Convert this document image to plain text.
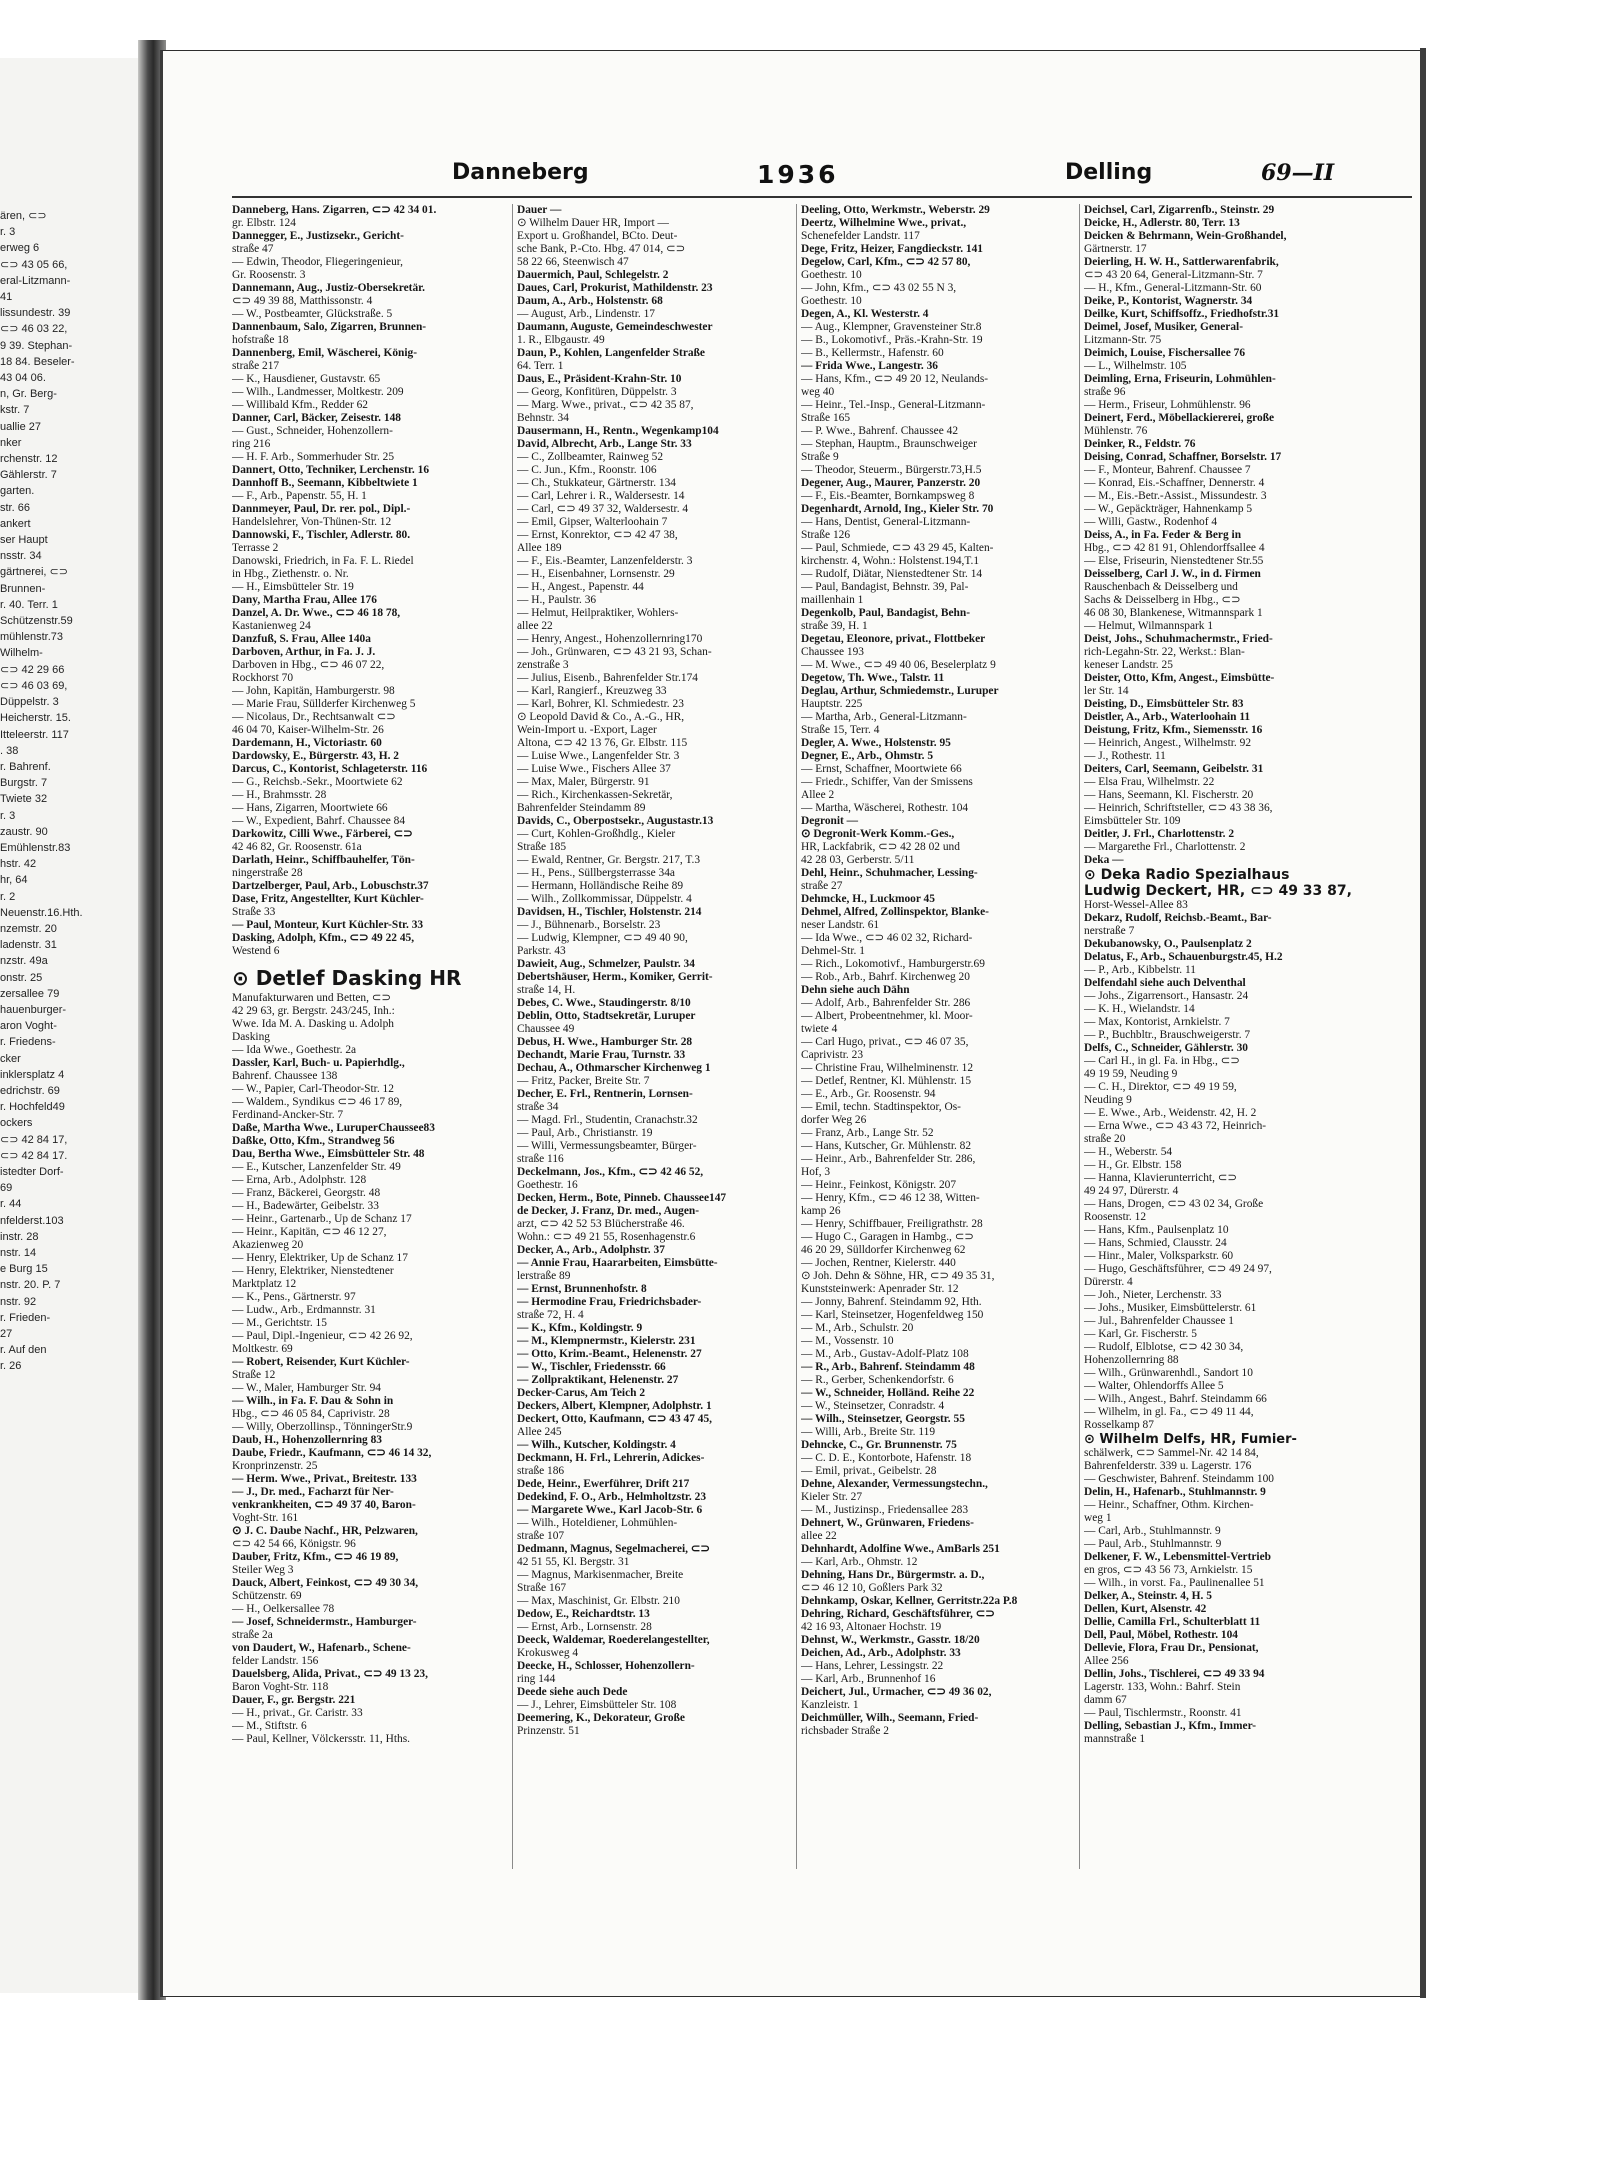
ären, ⊂⊃
r. 3
erweg 6
⊂⊃ 43 05 66,
eral-Litzmann-
41
lissundestr. 39
⊂⊃ 46 03 22,
9 39. Stephan-
18 84. Beseler-
43 04 06.
n, Gr. Berg-
kstr. 7
uallie 27
nker
rchenstr. 12
Gählerstr. 7
garten.
str. 66
ankert
ser Haupt
nsstr. 34
gärtnerei, ⊂⊃
Brunnen-
r. 40. Terr. 1
Schützenstr.59
mühlenstr.73
Wilhelm-
⊂⊃ 42 29 66
⊂⊃ 46 03 69,
Düppelstr. 3
Heicherstr. 15.
Itteleerstr. 117
. 38
r. Bahrenf.
Burgstr. 7
Twiete 32
r. 3
zaustr. 90
Emühlenstr.83
hstr. 42
hr, 64
r. 2
Neuenstr.16.Hth.
nzemstr. 20
ladenstr. 31
nzstr. 49a
onstr. 25
zersallee 79
hauenburger-
aron Voght-
r. Friedens-
cker
inklersplatz 4
edrichstr. 69
r. Hochfeld49
ockers
⊂⊃ 42 84 17,
⊂⊃ 42 84 17.
istedter Dorf-
69
r. 44
nfelderst.103
instr. 28
nstr. 14
e Burg 15
nstr. 20. P. 7
nstr. 92
r. Frieden-
27
r. Auf den
r. 26
Danneberg	1936	Delling	69—II
Danneberg, Hans. Zigarren, ⊂⊃ 42 34 01.
gr. Elbstr. 124
Dannegger, E., Justizsekr., Gericht-
straße 47
— Edwin, Theodor, Fliegeringenieur,
Gr. Roosenstr. 3
Dannemann, Aug., Justiz-Obersekretär.
⊂⊃ 49 39 88, Matthissonstr. 4
— W., Postbeamter, Glückstraße. 5
Dannenbaum, Salo, Zigarren, Brunnen-
hofstraße 18
Dannenberg, Emil, Wäscherei, König-
straße 217
— K., Hausdiener, Gustavstr. 65
— Wilh., Landmesser, Moltkestr. 209
— Willibald Kfm., Redder 62
Danner, Carl, Bäcker, Zeisestr. 148
— Gust., Schneider, Hohenzollern-
ring 216
— H. F. Arb., Sommerhuder Str. 25
Dannert, Otto, Techniker, Lerchenstr. 16
Dannhoff B., Seemann, Kibbeltwiete 1
— F., Arb., Papenstr. 55, H. 1
Dannmeyer, Paul, Dr. rer. pol., Dipl.-
Handelslehrer, Von-Thünen-Str. 12
Dannowski, F., Tischler, Adlerstr. 80.
Terrasse 2
Danowski, Friedrich, in Fa. F. L. Riedel
in Hbg., Ziethenstr. o. Nr.
— H., Eimsbütteler Str. 19
Dany, Martha Frau, Allee 176
Danzel, A. Dr. Wwe., ⊂⊃ 46 18 78,
Kastanienweg 24
Danzfuß, S. Frau, Allee 140a
Darboven, Arthur, in Fa. J. J.
Darboven in Hbg., ⊂⊃ 46 07 22,
Rockhorst 70
— John, Kapitän, Hamburgerstr. 98
— Marie Frau, Süllderfer Kirchenweg 5
— Nicolaus, Dr., Rechtsanwalt ⊂⊃
46 04 70, Kaiser-Wilhelm-Str. 26
Dardemann, H., Victoriastr. 60
Dardowsky, E., Bürgerstr. 43, H. 2
Darcus, C., Kontorist, Schlageterstr. 116
— G., Reichsb.-Sekr., Moortwiete 62
— H., Brahmsstr. 28
— Hans, Zigarren, Moortwiete 66
— W., Expedient, Bahrf. Chaussee 84
Darkowitz, Cilli Wwe., Färberei, ⊂⊃
42 46 82, Gr. Roosenstr. 61a
Darlath, Heinr., Schiffbauhelfer, Tön-
ningerstraße 28
Dartzelberger, Paul, Arb., Lobuschstr.37
Dase, Fritz, Angestellter, Kurt Küchler-
Straße 33
— Paul, Monteur, Kurt Küchler-Str. 33
Dasking, Adolph, Kfm., ⊂⊃ 49 22 45,
Westend 6
⊙ Detlef Dasking HR
Manufakturwaren und Betten, ⊂⊃
42 29 63, gr. Bergstr. 243/245, Inh.:
Wwe. Ida M. A. Dasking u. Adolph
Dasking
— Ida Wwe., Goethestr. 2a
Dassler, Karl, Buch- u. Papierhdlg.,
Bahrenf. Chaussee 138
— W., Papier, Carl-Theodor-Str. 12
— Waldem., Syndikus ⊂⊃ 46 17 89,
Ferdinand-Ancker-Str. 7
Daße, Martha Wwe., LuruperChaussee83
Daßke, Otto, Kfm., Strandweg 56
Dau, Bertha Wwe., Eimsbütteler Str. 48
— E., Kutscher, Lanzenfelder Str. 49
— Erna, Arb., Adolphstr. 128
— Franz, Bäckerei, Georgstr. 48
— H., Badewärter, Geibelstr. 33
— Heinr., Gartenarb., Up de Schanz 17
— Heinr., Kapitän, ⊂⊃ 46 12 27,
Akazienweg 20
— Henry, Elektriker, Up de Schanz 17
— Henry, Elektriker, Nienstedtener
Marktplatz 12
— K., Pens., Gärtnerstr. 97
— Ludw., Arb., Erdmannstr. 31
— M., Gerichtstr. 15
— Paul, Dipl.-Ingenieur, ⊂⊃ 42 26 92,
Moltkestr. 69
— Robert, Reisender, Kurt Küchler-
Straße 12
— W., Maler, Hamburger Str. 94
— Wilh., in Fa. F. Dau & Sohn in
Hbg., ⊂⊃ 46 05 84, Caprivistr. 28
— Willy, Oberzollinsp., TönningerStr.9
Daub, H., Hohenzollernring 83
Daube, Friedr., Kaufmann, ⊂⊃ 46 14 32,
Kronprinzenstr. 25
— Herm. Wwe., Privat., Breitestr. 133
— J., Dr. med., Facharzt für Ner-
venkrankheiten, ⊂⊃ 49 37 40, Baron-
Voght-Str. 161
⊙ J. C. Daube Nachf., HR, Pelzwaren,
⊂⊃ 42 54 66, Königstr. 96
Dauber, Fritz, Kfm., ⊂⊃ 46 19 89,
Steiler Weg 3
Dauck, Albert, Feinkost, ⊂⊃ 49 30 34,
Schützenstr. 69
— H., Oelkersallee 78
— Josef, Schneidermstr., Hamburger-
straße 2a
von Daudert, W., Hafenarb., Schene-
felder Landstr. 156
Dauelsberg, Alida, Privat., ⊂⊃ 49 13 23,
Baron Voght-Str. 118
Dauer, F., gr. Bergstr. 221
— H., privat., Gr. Caristr. 33
— M., Stiftstr. 6
— Paul, Kellner, Völckersstr. 11, Hths.
Dauer —
⊙ Wilhelm Dauer HR, Import —
Export u. Großhandel, BCto. Deut-
sche Bank, P.-Cto. Hbg. 47 014, ⊂⊃
58 22 66, Steenwisch 47
Dauermich, Paul, Schlegelstr. 2
Daues, Carl, Prokurist, Mathildenstr. 23
Daum, A., Arb., Holstenstr. 68
— August, Arb., Lindenstr. 17
Daumann, Auguste, Gemeindeschwester
1. R., Elbgaustr. 49
Daun, P., Kohlen, Langenfelder Straße
64. Terr. 1
Daus, E., Präsident-Krahn-Str. 10
— Georg, Konfitüren, Düppelstr. 3
— Marg. Wwe., privat., ⊂⊃ 42 35 87,
Behnstr. 34
Dausermann, H., Rentn., Wegenkamp104
David, Albrecht, Arb., Lange Str. 33
— C., Zollbeamter, Rainweg 52
— C. Jun., Kfm., Roonstr. 106
— Ch., Stukkateur, Gärtnerstr. 134
— Carl, Lehrer i. R., Waldersestr. 14
— Carl, ⊂⊃ 49 37 32, Waldersestr. 4
— Emil, Gipser, Walterloohain 7
— Ernst, Konrektor, ⊂⊃ 42 47 38,
Allee 189
— F., Eis.-Beamter, Lanzenfelderstr. 3
— H., Eisenbahner, Lornsenstr. 29
— H., Angest., Papenstr. 44
— H., Paulstr. 36
— Helmut, Heilpraktiker, Wohlers-
allee 22
— Henry, Angest., Hohenzollernring170
— Joh., Grünwaren, ⊂⊃ 43 21 93, Schan-
zenstraße 3
— Julius, Eisenb., Bahrenfelder Str.174
— Karl, Rangierf., Kreuzweg 33
— Karl, Bohrer, Kl. Schmiedestr. 23
⊙ Leopold David & Co., A.-G., HR,
Wein-Import u. -Export, Lager
Altona, ⊂⊃ 42 13 76, Gr. Elbstr. 115
— Luise Wwe., Langenfelder Str. 3
— Luise Wwe., Fischers Allee 37
— Max, Maler, Bürgerstr. 91
— Rich., Kirchenkassen-Sekretär,
Bahrenfelder Steindamm 89
Davids, C., Oberpostsekr., Augustastr.13
— Curt, Kohlen-Großhdlg., Kieler
Straße 185
— Ewald, Rentner, Gr. Bergstr. 217, T.3
— H., Pens., Süllbergsterrasse 34a
— Hermann, Holländische Reihe 89
— Wilh., Zollkommissar, Düppelstr. 4
Davidsen, H., Tischler, Holstenstr. 214
— J., Bühnenarb., Borselstr. 23
— Ludwig, Klempner, ⊂⊃ 49 40 90,
Parkstr. 43
Dawieit, Aug., Schmelzer, Paulstr. 34
Debertshäuser, Herm., Komiker, Gerrit-
straße 14, H.
Debes, C. Wwe., Staudingerstr. 8/10
Deblin, Otto, Stadtsekretär, Luruper
Chaussee 49
Debus, H. Wwe., Hamburger Str. 28
Dechandt, Marie Frau, Turnstr. 33
Dechau, A., Othmarscher Kirchenweg 1
— Fritz, Packer, Breite Str. 7
Decher, E. Frl., Rentnerin, Lornsen-
straße 34
— Magd. Frl., Studentin, Cranachstr.32
— Paul, Arb., Christianstr. 19
— Willi, Vermessungsbeamter, Bürger-
straße 116
Deckelmann, Jos., Kfm., ⊂⊃ 42 46 52,
Goethestr. 16
Decken, Herm., Bote, Pinneb. Chaussee147
de Decker, J. Franz, Dr. med., Augen-
arzt, ⊂⊃ 42 52 53 Blücherstraße 46.
Wohn.: ⊂⊃ 49 21 55, Rosenhagenstr.6
Decker, A., Arb., Adolphstr. 37
— Annie Frau, Haararbeiten, Eimsbütte-
lerstraße 89
— Ernst, Brunnenhofstr. 8
— Hermodine Frau, Friedrichsbader-
straße 72, H. 4
— K., Kfm., Koldingstr. 9
— M., Klempnermstr., Kielerstr. 231
— Otto, Krim.-Beamt., Helenenstr. 27
— W., Tischler, Friedensstr. 66
— Zollpraktikant, Helenenstr. 27
Decker-Carus, Am Teich 2
Deckers, Albert, Klempner, Adolphstr. 1
Deckert, Otto, Kaufmann, ⊂⊃ 43 47 45,
Allee 245
— Wilh., Kutscher, Koldingstr. 4
Deckmann, H. Frl., Lehrerin, Adickes-
straße 186
Dede, Heinr., Ewerführer, Drift 217
Dedekind, F. O., Arb., Helmholtzstr. 23
— Margarete Wwe., Karl Jacob-Str. 6
— Wilh., Hoteldiener, Lohmühlen-
straße 107
Dedmann, Magnus, Segelmacherei, ⊂⊃
42 51 55, Kl. Bergstr. 31
— Magnus, Markisenmacher, Breite
Straße 167
— Max, Maschinist, Gr. Elbstr. 210
Dedow, E., Reichardtstr. 13
— Ernst, Arb., Lornsenstr. 28
Deeck, Waldemar, Roederelangestellter,
Krokusweg 4
Deecke, H., Schlosser, Hohenzollern-
ring 144
Deede siehe auch Dede
— J., Lehrer, Eimsbütteler Str. 108
Deemering, K., Dekorateur, Große
Prinzenstr. 51
Deeling, Otto, Werkmstr., Weberstr. 29
Deertz, Wilhelmine Wwe., privat.,
Schenefelder Landstr. 117
Dege, Fritz, Heizer, Fangdieckstr. 141
Degelow, Carl, Kfm., ⊂⊃ 42 57 80,
Goethestr. 10
— John, Kfm., ⊂⊃ 43 02 55 N 3,
Goethestr. 10
Degen, A., Kl. Westerstr. 4
— Aug., Klempner, Gravensteiner Str.8
— B., Lokomotivf., Präs.-Krahn-Str. 19
— B., Kellermstr., Hafenstr. 60
— Frida Wwe., Langestr. 36
— Hans, Kfm., ⊂⊃ 49 20 12, Neulands-
weg 40
— Heinr., Tel.-Insp., General-Litzmann-
Straße 165
— P. Wwe., Bahrenf. Chaussee 42
— Stephan, Hauptm., Braunschweiger
Straße 9
— Theodor, Steuerm., Bürgerstr.73,H.5
Degener, Aug., Maurer, Panzerstr. 20
— F., Eis.-Beamter, Bornkampsweg 8
Degenhardt, Arnold, Ing., Kieler Str. 70
— Hans, Dentist, General-Litzmann-
Straße 126
— Paul, Schmiede, ⊂⊃ 43 29 45, Kalten-
kirchenstr. 4, Wohn.: Holstenst.194,T.1
— Rudolf, Diätar, Nienstedtener Str. 14
— Paul, Bandagist, Behnstr. 39, Pal-
maillenhain 1
Degenkolb, Paul, Bandagist, Behn-
straße 39, H. 1
Degetau, Eleonore, privat., Flottbeker
Chaussee 193
— M. Wwe., ⊂⊃ 49 40 06, Beselerplatz 9
Degetow, Th. Wwe., Talstr. 11
Deglau, Arthur, Schmiedemstr., Luruper
Hauptstr. 225
— Martha, Arb., General-Litzmann-
Straße 15, Terr. 4
Degler, A. Wwe., Holstenstr. 95
Degner, E., Arb., Ohmstr. 5
— Ernst, Schaffner, Moortwiete 66
— Friedr., Schiffer, Van der Smissens
Allee 2
— Martha, Wäscherei, Rothestr. 104
Degronit —
⊙ Degronit-Werk Komm.-Ges.,
HR, Lackfabrik, ⊂⊃ 42 28 02 und
42 28 03, Gerberstr. 5/11
Dehl, Heinr., Schuhmacher, Lessing-
straße 27
Dehmcke, H., Luckmoor 45
Dehmel, Alfred, Zollinspektor, Blanke-
neser Landstr. 61
— Ida Wwe., ⊂⊃ 46 02 32, Richard-
Dehmel-Str. 1
— Rich., Lokomotivf., Hamburgerstr.69
— Rob., Arb., Bahrf. Kirchenweg 20
Dehn siehe auch Dähn
— Adolf, Arb., Bahrenfelder Str. 286
— Albert, Probeentnehmer, kl. Moor-
twiete 4
— Carl Hugo, privat., ⊂⊃ 46 07 35,
Caprivistr. 23
— Christine Frau, Wilhelminenstr. 12
— Detlef, Rentner, Kl. Mühlenstr. 15
— E., Arb., Gr. Roosenstr. 94
— Emil, techn. Stadtinspektor, Os-
dorfer Weg 26
— Franz, Arb., Lange Str. 52
— Hans, Kutscher, Gr. Mühlenstr. 82
— Heinr., Arb., Bahrenfelder Str. 286,
Hof, 3
— Heinr., Feinkost, Königstr. 207
— Henry, Kfm., ⊂⊃ 46 12 38, Witten-
kamp 26
— Henry, Schiffbauer, Freiligrathstr. 28
— Hugo C., Garagen in Hambg., ⊂⊃
46 20 29, Sülldorfer Kirchenweg 62
— Jochen, Rentner, Kielerstr. 440
⊙ Joh. Dehn & Söhne, HR, ⊂⊃ 49 35 31,
Kunststeinwerk: Apenrader Str. 12
— Jonny, Bahrenf. Steindamm 92, Hth.
— Karl, Steinsetzer, Hogenfeldweg 150
— M., Arb., Schulstr. 20
— M., Vossenstr. 10
— M., Arb., Gustav-Adolf-Platz 108
— R., Arb., Bahrenf. Steindamm 48
— R., Gerber, Schenkendorfstr. 6
— W., Schneider, Holländ. Reihe 22
— W., Steinsetzer, Conradstr. 4
— Wilh., Steinsetzer, Georgstr. 55
— Willi, Arb., Breite Str. 119
Dehncke, C., Gr. Brunnenstr. 75
— C. D. E., Kontorbote, Hafenstr. 18
— Emil, privat., Geibelstr. 28
Dehne, Alexander, Vermessungstechn.,
Kieler Str. 27
— M., Justizinsp., Friedensallee 283
Dehnert, W., Grünwaren, Friedens-
allee 22
Dehnhardt, Adolfine Wwe., AmBarls 251
— Karl, Arb., Ohmstr. 12
Dehning, Hans Dr., Bürgermstr. a. D.,
⊂⊃ 46 12 10, Goßlers Park 32
Dehnkamp, Oskar, Kellner, Gerritstr.22a P.8
Dehring, Richard, Geschäftsführer, ⊂⊃
42 16 93, Altonaer Hochstr. 19
Dehnst, W., Werkmstr., Gasstr. 18/20
Deichen, Ad., Arb., Adolphstr. 33
— Hans, Lehrer, Lessingstr. 22
— Karl, Arb., Brunnenhof 16
Deichert, Jul., Urmacher, ⊂⊃ 49 36 02,
Kanzleistr. 1
Deichmüller, Wilh., Seemann, Fried-
richsbader Straße 2
Deichsel, Carl, Zigarrenfb., Steinstr. 29
Deicke, H., Adlerstr. 80, Terr. 13
Deicken & Behrmann, Wein-Großhandel,
Gärtnerstr. 17
Deierling, H. W. H., Sattlerwarenfabrik,
⊂⊃ 43 20 64, General-Litzmann-Str. 7
— H., Kfm., General-Litzmann-Str. 60
Deike, P., Kontorist, Wagnerstr. 34
Deilke, Kurt, Schiffsoffz., Friedhofstr.31
Deimel, Josef, Musiker, General-
Litzmann-Str. 75
Deimich, Louise, Fischersallee 76
— L., Wilhelmstr. 105
Deimling, Erna, Friseurin, Lohmühlen-
straße 96
— Herm., Friseur, Lohmühlenstr. 96
Deinert, Ferd., Möbellackiererei, große
Mühlenstr. 76
Deinker, R., Feldstr. 76
Deising, Conrad, Schaffner, Borselstr. 17
— F., Monteur, Bahrenf. Chaussee 7
— Konrad, Eis.-Schaffner, Dennerstr. 4
— M., Eis.-Betr.-Assist., Missundestr. 3
— W., Gepäckträger, Hahnenkamp 5
— Willi, Gastw., Rodenhof 4
Deiss, A., in Fa. Feder & Berg in
Hbg., ⊂⊃ 42 81 91, Ohlendorffsallee 4
— Else, Friseurin, Nienstedtener Str.55
Deisselberg, Carl J. W., in d. Firmen
Rauschenbach & Deisselberg und
Sachs & Deisselberg in Hbg., ⊂⊃
46 08 30, Blankenese, Witmannspark 1
— Helmut, Wilmannspark 1
Deist, Johs., Schuhmachermstr., Fried-
rich-Legahn-Str. 22, Werkst.: Blan-
keneser Landstr. 25
Deister, Otto, Kfm, Angest., Eimsbütte-
ler Str. 14
Deisting, D., Eimsbütteler Str. 83
Deistler, A., Arb., Waterloohain 11
Deistung, Fritz, Kfm., Siemensstr. 16
— Heinrich, Angest., Wilhelmstr. 92
— J., Rothestr. 11
Deiters, Carl, Seemann, Geibelstr. 31
— Elsa Frau, Wilhelmstr. 22
— Hans, Seemann, Kl. Fischerstr. 20
— Heinrich, Schriftsteller, ⊂⊃ 43 38 36,
Eimsbütteler Str. 109
Deitler, J. Frl., Charlottenstr. 2
— Margarethe Frl., Charlottenstr. 2
Deka —
⊙ Deka Radio Spezialhaus
Ludwig Deckert, HR, ⊂⊃ 49 33 87,
Horst-Wessel-Allee 83
Dekarz, Rudolf, Reichsb.-Beamt., Bar-
nerstraße 7
Dekubanowsky, O., Paulsenplatz 2
Delatus, F., Arb., Schauenburgstr.45, H.2
— P., Arb., Kibbelstr. 11
Delfendahl siehe auch Delventhal
— Johs., Zigarrensort., Hansastr. 24
— K. H., Wielandstr. 14
— Max, Kontorist, Arnkielstr. 7
— P., Buchbltr., Brauschweigerstr. 7
Delfs, C., Schneider, Gählerstr. 30
— Carl H., in gl. Fa. in Hbg., ⊂⊃
49 19 59, Neuding 9
— C. H., Direktor, ⊂⊃ 49 19 59,
Neuding 9
— E. Wwe., Arb., Weidenstr. 42, H. 2
— Erna Wwe., ⊂⊃ 43 43 72, Heinrich-
straße 20
— H., Weberstr. 54
— H., Gr. Elbstr. 158
— Hanna, Klavierunterricht, ⊂⊃
49 24 97, Dürerstr. 4
— Hans, Drogen, ⊂⊃ 43 02 34, Große
Roosenstr. 12
— Hans, Kfm., Paulsenplatz 10
— Hans, Schmied, Clausstr. 24
— Hinr., Maler, Volksparkstr. 60
— Hugo, Geschäftsführer, ⊂⊃ 49 24 97,
Dürerstr. 4
— Joh., Nieter, Lerchenstr. 33
— Johs., Musiker, Eimsbüttelerstr. 61
— Jul., Bahrenfelder Chaussee 1
— Karl, Gr. Fischerstr. 5
— Rudolf, Elblotse, ⊂⊃ 42 30 34,
Hohenzollernring 88
— Wilh., Grünwarenhdl., Sandort 10
— Walter, Ohlendorffs Allee 5
— Wilh., Angest., Bahrf. Steindamm 66
— Wilhelm, in gl. Fa., ⊂⊃ 49 11 44,
Rosselkamp 87
⊙ Wilhelm Delfs, HR, Fumier-
schälwerk, ⊂⊃ Sammel-Nr. 42 14 84,
Bahrenfelderstr. 339 u. Lagerstr. 176
— Geschwister, Bahrenf. Steindamm 100
Delin, H., Hafenarb., Stuhlmannstr. 9
— Heinr., Schaffner, Othm. Kirchen-
weg 1
— Carl, Arb., Stuhlmannstr. 9
— Paul, Arb., Stuhlmannstr. 9
Delkener, F. W., Lebensmittel-Vertrieb
en gros, ⊂⊃ 43 56 73, Arnkielstr. 15
— Wilh., in vorst. Fa., Paulinenallee 51
Delker, A., Steinstr. 4, H. 5
Dellen, Kurt, Alsenstr. 42
Dellie, Camilla Frl., Schulterblatt 11
Dell, Paul, Möbel, Rothestr. 104
Dellevie, Flora, Frau Dr., Pensionat,
Allee 256
Dellin, Johs., Tischlerei, ⊂⊃ 49 33 94
Lagerstr. 133, Wohn.: Bahrf. Stein
damm 67
— Paul, Tischlermstr., Roonstr. 41
Delling, Sebastian J., Kfm., Immer-
mannstraße 1
